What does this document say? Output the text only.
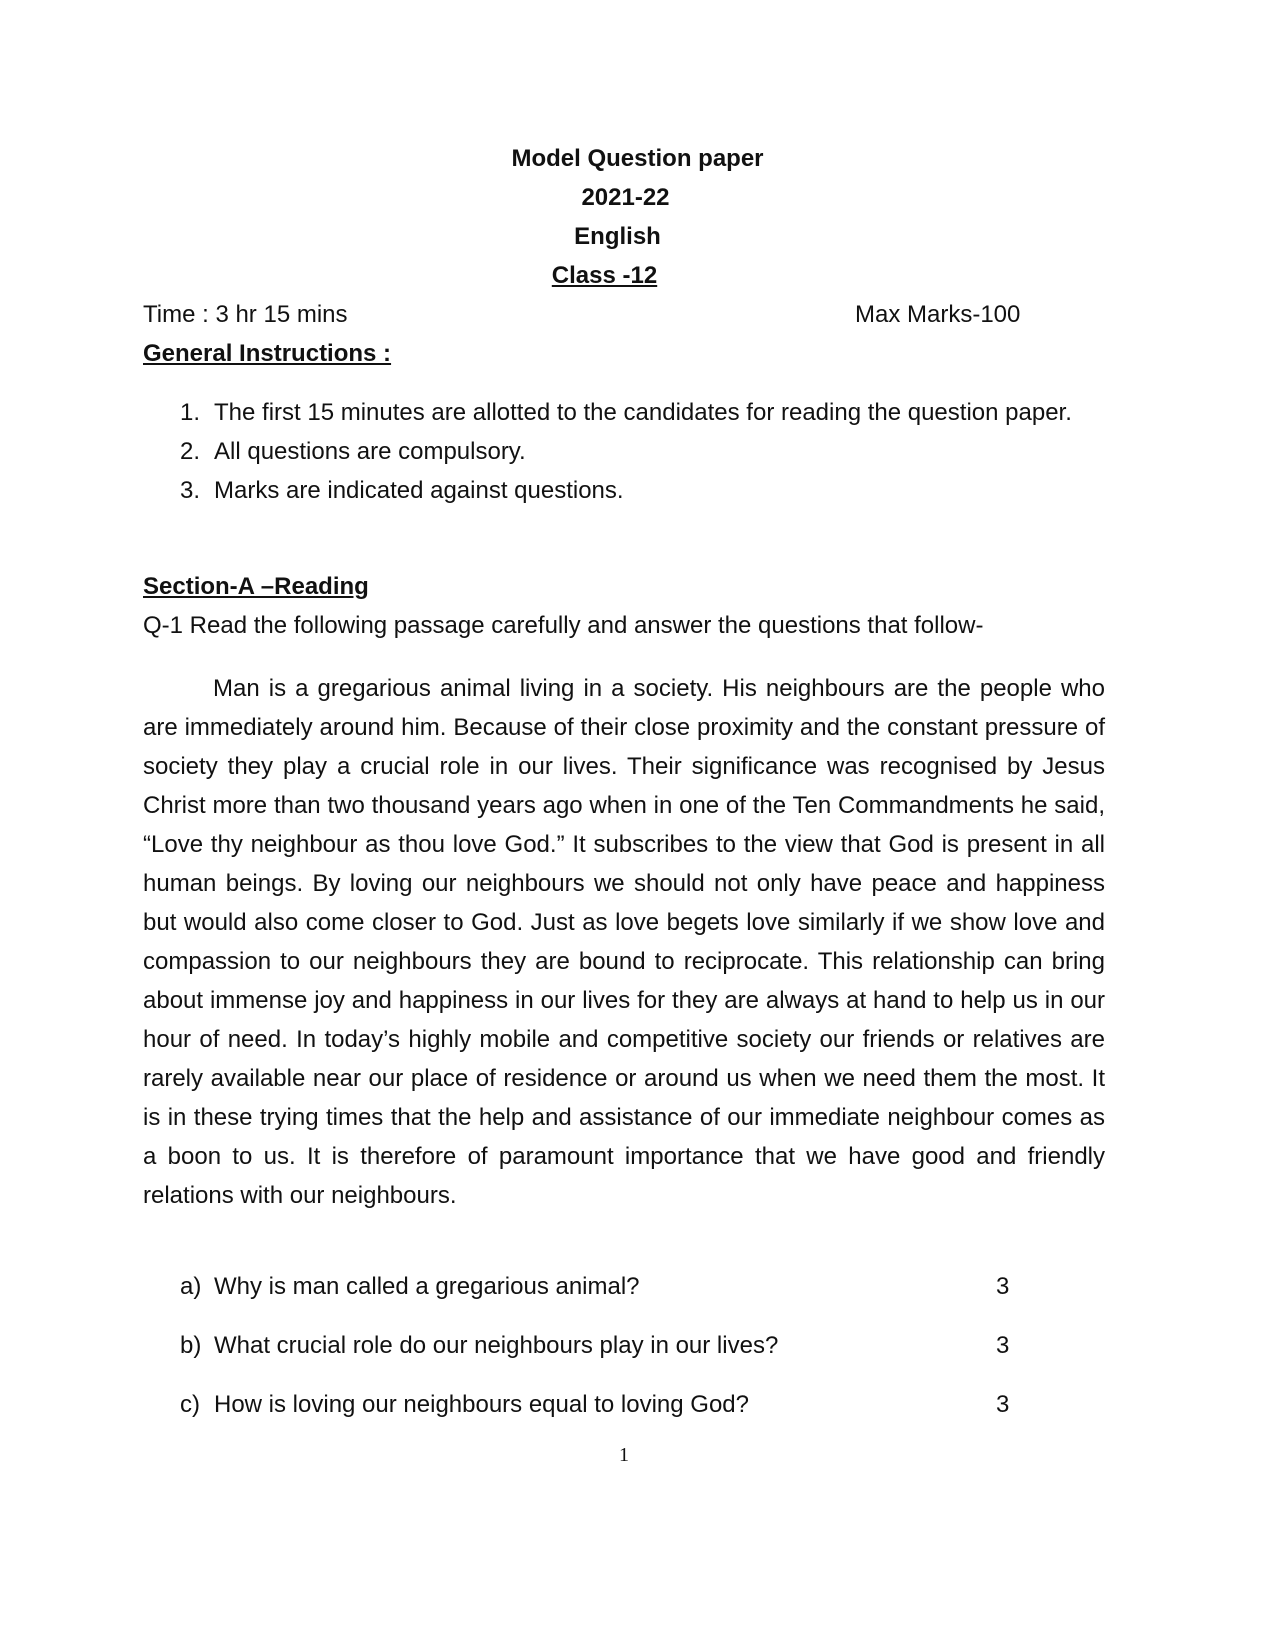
Model Question paper
2021-22
English
Class -12
Time : 3 hr 15 mins	Max Marks-100
General Instructions :
1. The first 15 minutes are allotted to the candidates for reading the question paper.
2. All questions are compulsory.
3. Marks are indicated against questions.
Section-A –Reading
Q-1 Read the following passage carefully and answer the questions that follow-

Man is a gregarious animal living in a society. His neighbours are the people who are immediately around him. Because of their close proximity and the constant pressure of society they play a crucial role in our lives. Their significance was recognised by Jesus Christ more than two thousand years ago when in one of the Ten Commandments he said, “Love thy neighbour as thou love God.” It subscribes to the view that God is present in all human beings. By loving our neighbours we should not only have peace and happiness but would also come closer to God. Just as love begets love similarly if we show love and compassion to our neighbours they are bound to reciprocate. This relationship can bring about immense joy and happiness in our lives for they are always at hand to help us in our hour of need. In today’s highly mobile and competitive society our friends or relatives are rarely available near our place of residence or around us when we need them the most. It is in these trying times that the help and assistance of our immediate neighbour comes as a boon to us. It is therefore of paramount importance that we have good and friendly relations with our neighbours.

a) Why is man called a gregarious animal?	3
b) What crucial role do our neighbours play in our lives?	3
c) How is loving our neighbours equal to loving God?	3
1
